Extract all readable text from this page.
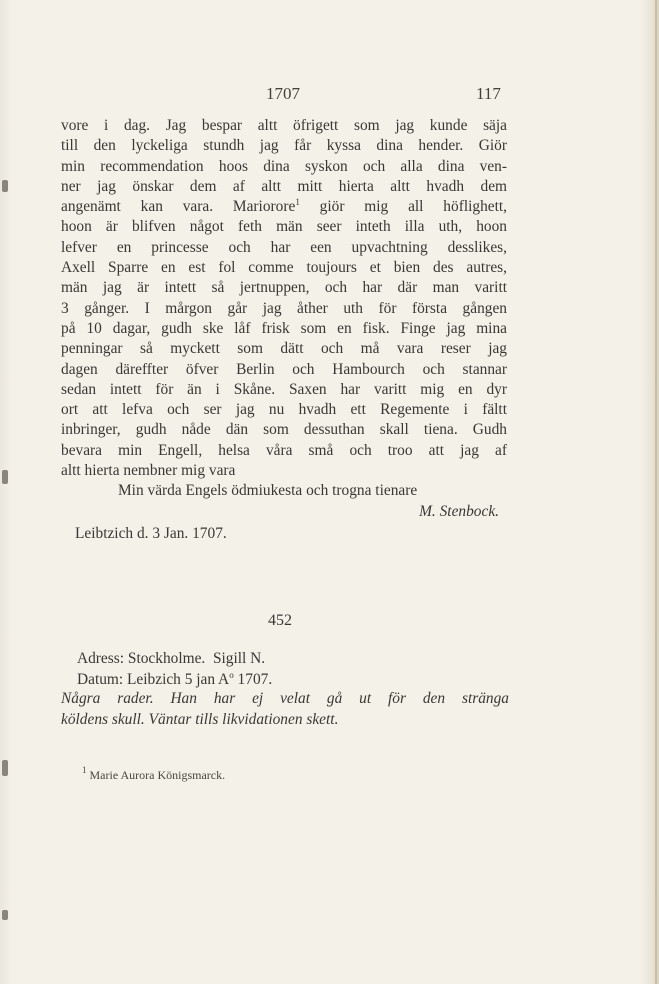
1707	117
vore i dag. Jag bespar altt öfrigett som jag kunde säja
till den lyckeliga stundh jag får kyssa dina hender. Giör
min recommendation hoos dina syskon och alla dina ven-
ner jag önskar dem af altt mitt hierta altt hvadh dem
angenämt kan vara. Mariorore$^1$ giör mig all höflighett,
hoon är blifven något feth män seer inteth illa uth, hoon
lefver en princesse och har een upvachtning desslikes,
Axell Sparre en est fol comme toujours et bien des autres,
män jag är intett så jertnuppen, och har där man varitt
3 gånger. I mårgon går jag åther uth för första gången
på 10 dagar, gudh ske låf frisk som en fisk. Finge jag mina
penningar så myckett som dätt och må vara reser jag
dagen däreffter öfver Berlin och Hambourch och stannar
sedan intett för än i Skåne. Saxen har varitt mig en dyr
ort att lefva och ser jag nu hvadh ett Regemente i fältt
inbringer, gudh nåde dän som dessuthan skall tiena. Gudh
bevara min Engell, helsa våra små och troo att jag af
altt hierta nembner mig vara
Min värda Engels ödmiukesta och trogna tienare
M. Stenbock.
Leibtzich d. 3 Jan. 1707.
452
Adress: Stockholme. Sigill N.
Datum: Leibzich 5 jan $A^o$ 1707.
Några rader. Han har ej velat gå ut för den stränga
köldens skull. Väntar tills likvidationen skett.
$^1$ Marie Aurora Königsmarck.
